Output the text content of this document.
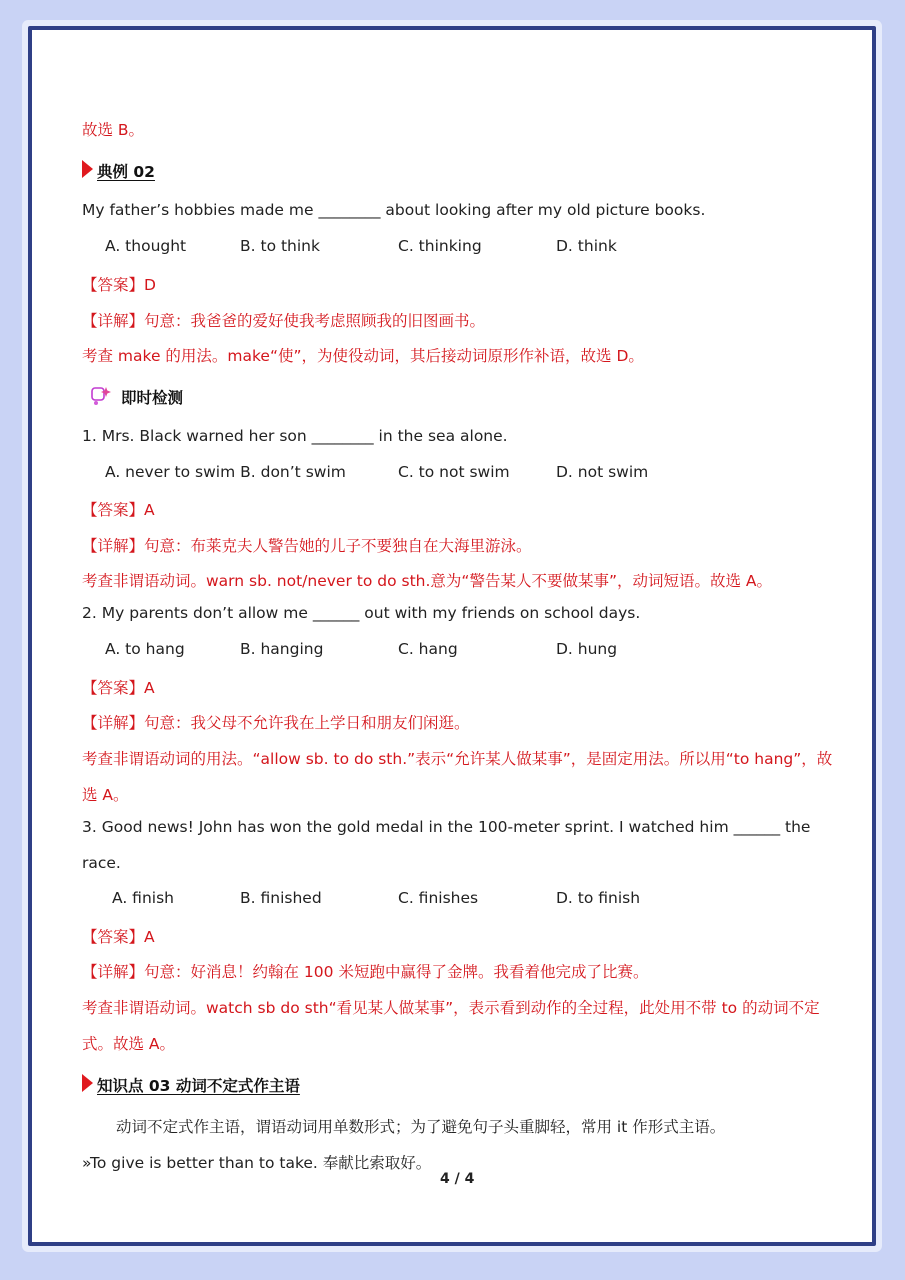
故选 B。
典例 02
My father’s hobbies made me ________ about looking after my old picture books.
A. thought	B. to think	C. thinking	D. think
【答案】D
【详解】句意：我爸爸的爱好使我考虑照顾我的旧图画书。
考查 make 的用法。make“使”，为使役动词，其后接动词原形作补语，故选 D。
即时检测
1. Mrs. Black warned her son ________ in the sea alone.
A. never to swim B. don’t swim	C. to not swim	D. not swim
【答案】A
【详解】句意：布莱克夫人警告她的儿子不要独自在大海里游泳。
考查非谓语动词。warn sb. not/never to do sth.意为“警告某人不要做某事”，动词短语。故选 A。
2. My parents don’t allow me ______ out with my friends on school days.
A. to hang	B. hanging	C. hang	D. hung
【答案】A
【详解】句意：我父母不允许我在上学日和朋友们闲逛。
考查非谓语动词的用法。“allow sb. to do sth.”表示“允许某人做某事”，是固定用法。所以用“to hang”，故
选 A。
3. Good news! John has won the gold medal in the 100-meter sprint. I watched him ______ the
race.
A. finish	B. finished	C. finishes	D. to finish
【答案】A
【详解】句意：好消息！约翰在 100 米短跑中赢得了金牌。我看着他完成了比赛。
考查非谓语动词。watch sb do sth“看见某人做某事”，表示看到动作的全过程，此处用不带 to 的动词不定
式。故选 A。
知识点 03 动词不定式作主语
动词不定式作主语，谓语动词用单数形式；为了避免句子头重脚轻，常用 it 作形式主语。
»To give is better than to take. 奉献比索取好。
4 / 4
